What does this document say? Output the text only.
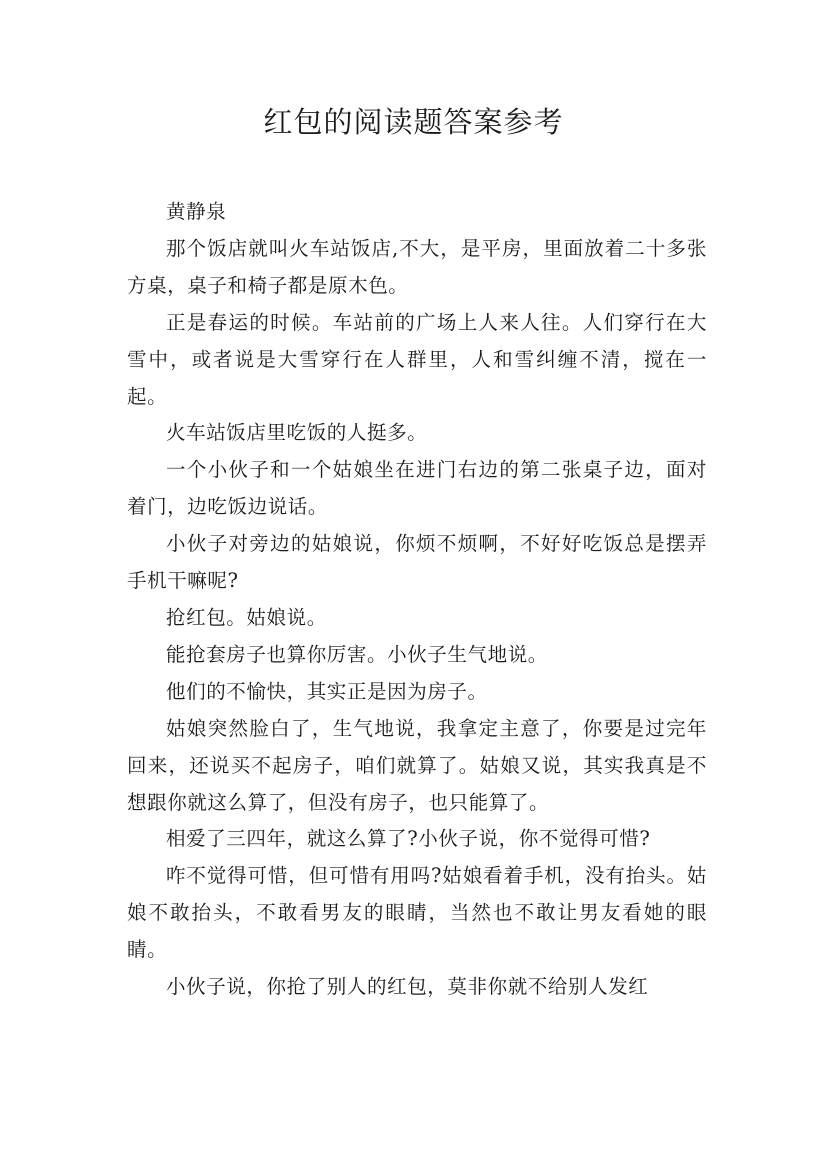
红包的阅读题答案参考

黄静泉

那个饭店就叫火车站饭店,不大，是平房，里面放着二十多张方桌，桌子和椅子都是原木色。

正是春运的时候。车站前的广场上人来人往。人们穿行在大雪中，或者说是大雪穿行在人群里，人和雪纠缠不清，搅在一起。

火车站饭店里吃饭的人挺多。

一个小伙子和一个姑娘坐在进门右边的第二张桌子边，面对着门，边吃饭边说话。

小伙子对旁边的姑娘说，你烦不烦啊，不好好吃饭总是摆弄手机干嘛呢?

抢红包。姑娘说。

能抢套房子也算你厉害。小伙子生气地说。

他们的不愉快，其实正是因为房子。

姑娘突然脸白了，生气地说，我拿定主意了，你要是过完年回来，还说买不起房子，咱们就算了。姑娘又说，其实我真是不想跟你就这么算了，但没有房子，也只能算了。

相爱了三四年，就这么算了?小伙子说，你不觉得可惜?

咋不觉得可惜，但可惜有用吗?姑娘看着手机，没有抬头。姑娘不敢抬头，不敢看男友的眼睛，当然也不敢让男友看她的眼睛。

小伙子说，你抢了别人的红包，莫非你就不给别人发红
